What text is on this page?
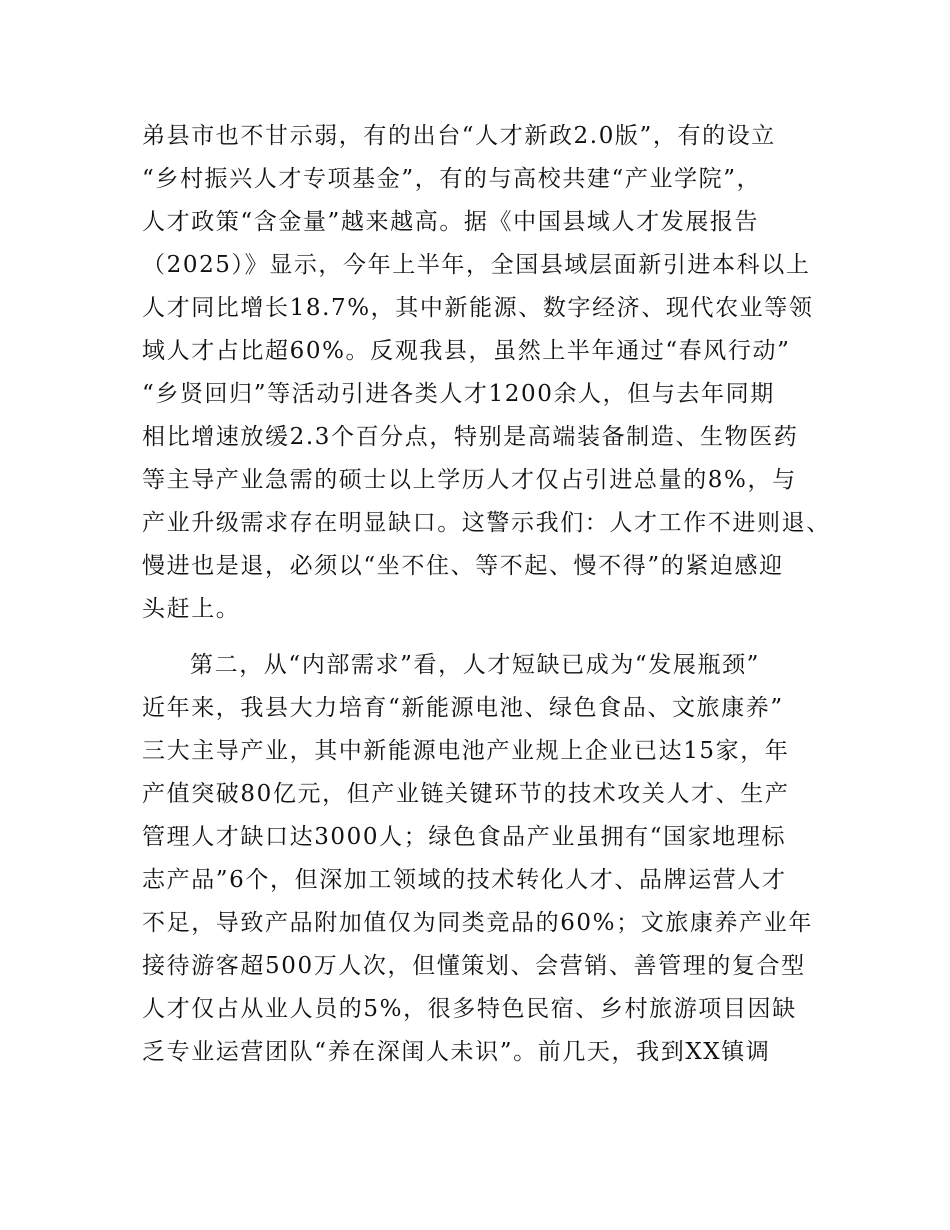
弟县市也不甘示弱，有的出台“人才新政2.0版”，有的设立
“乡村振兴人才专项基金”，有的与高校共建“产业学院”，
人才政策“含金量”越来越高。据《中国县域人才发展报告
（2025）》显示，今年上半年，全国县域层面新引进本科以上
人才同比增长18.7%，其中新能源、数字经济、现代农业等领
域人才占比超60%。反观我县，虽然上半年通过“春风行动”
“乡贤回归”等活动引进各类人才1200余人，但与去年同期
相比增速放缓2.3个百分点，特别是高端装备制造、生物医药
等主导产业急需的硕士以上学历人才仅占引进总量的8%，与
产业升级需求存在明显缺口。这警示我们：人才工作不进则退、
慢进也是退，必须以“坐不住、等不起、慢不得”的紧迫感迎
头赶上。
第二，从“内部需求”看，人才短缺已成为“发展瓶颈”
近年来，我县大力培育“新能源电池、绿色食品、文旅康养”
三大主导产业，其中新能源电池产业规上企业已达15家，年
产值突破80亿元，但产业链关键环节的技术攻关人才、生产
管理人才缺口达3000人；绿色食品产业虽拥有“国家地理标
志产品”6个，但深加工领域的技术转化人才、品牌运营人才
不足，导致产品附加值仅为同类竞品的60%；文旅康养产业年
接待游客超500万人次，但懂策划、会营销、善管理的复合型
人才仅占从业人员的5%，很多特色民宿、乡村旅游项目因缺
乏专业运营团队“养在深闺人未识”。前几天，我到XX镇调
